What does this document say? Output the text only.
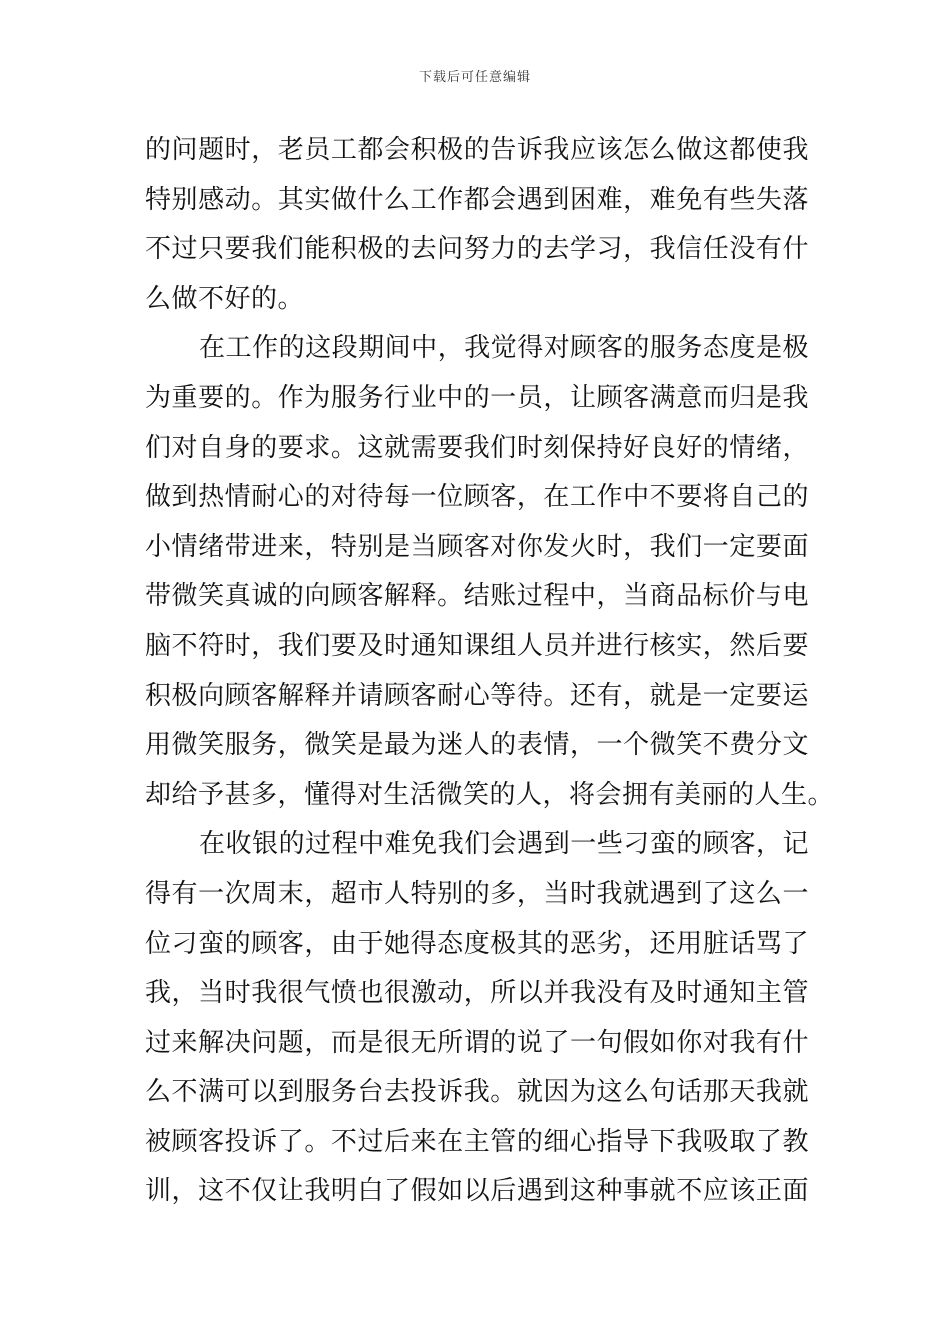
下载后可任意编辑
的问题时，老员工都会积极的告诉我应该怎么做这都使我
特别感动。其实做什么工作都会遇到困难，难免有些失落
不过只要我们能积极的去问努力的去学习，我信任没有什
么做不好的。
在工作的这段期间中，我觉得对顾客的服务态度是极
为重要的。作为服务行业中的一员，让顾客满意而归是我
们对自身的要求。这就需要我们时刻保持好良好的情绪，
做到热情耐心的对待每一位顾客，在工作中不要将自己的
小情绪带进来，特别是当顾客对你发火时，我们一定要面
带微笑真诚的向顾客解释。结账过程中，当商品标价与电
脑不符时，我们要及时通知课组人员并进行核实，然后要
积极向顾客解释并请顾客耐心等待。还有，就是一定要运
用微笑服务，微笑是最为迷人的表情，一个微笑不费分文
却给予甚多，懂得对生活微笑的人，将会拥有美丽的人生。
在收银的过程中难免我们会遇到一些刁蛮的顾客，记
得有一次周末，超市人特别的多，当时我就遇到了这么一
位刁蛮的顾客，由于她得态度极其的恶劣，还用脏话骂了
我，当时我很气愤也很激动，所以并我没有及时通知主管
过来解决问题，而是很无所谓的说了一句假如你对我有什
么不满可以到服务台去投诉我。就因为这么句话那天我就
被顾客投诉了。不过后来在主管的细心指导下我吸取了教
训，这不仅让我明白了假如以后遇到这种事就不应该正面
